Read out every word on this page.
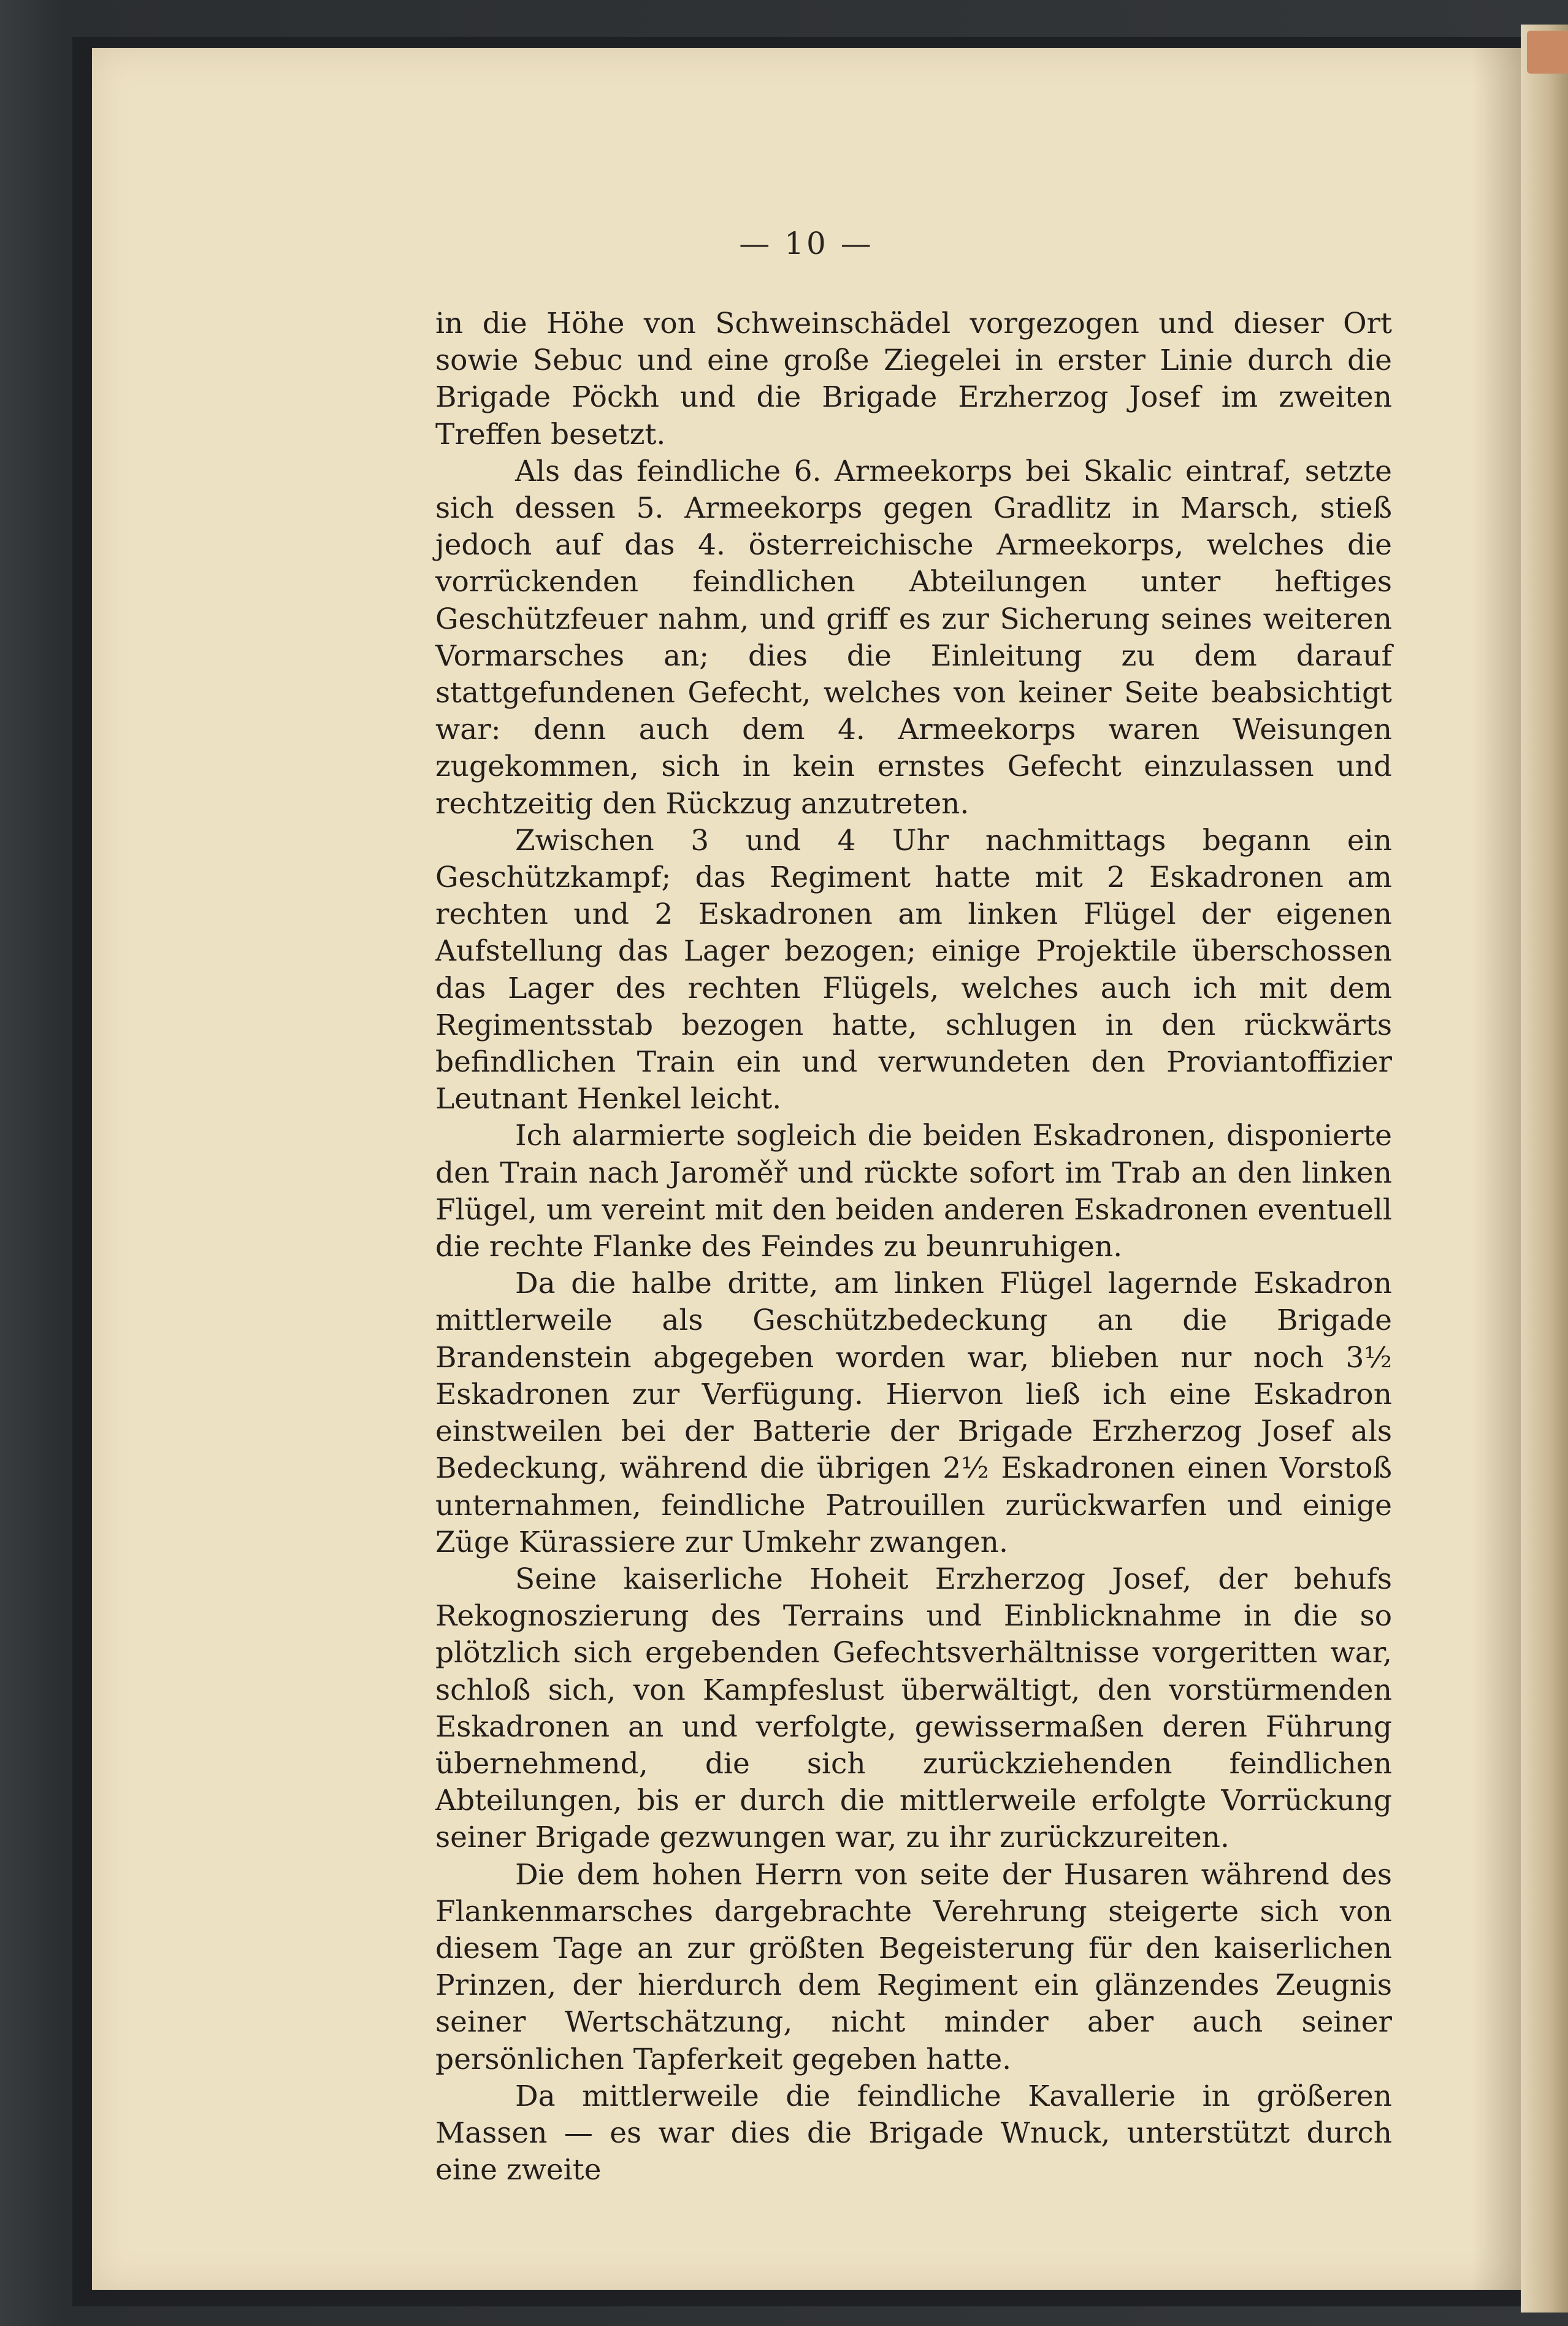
— 10 —

in die Höhe von Schweinschädel vorgezogen und dieser Ort sowie Sebuc und eine große Ziegelei in erster Linie durch die Brigade Pöckh und die Brigade Erzherzog Josef im zweiten Treffen besetzt.

Als das feindliche 6. Armeekorps bei Skalic eintraf, setzte sich dessen 5. Armeekorps gegen Gradlitz in Marsch, stieß jedoch auf das 4. österreichische Armeekorps, welches die vorrückenden feindlichen Abteilungen unter heftiges Geschützfeuer nahm, und griff es zur Sicherung seines weiteren Vormarsches an; dies die Einleitung zu dem darauf stattgefundenen Gefecht, welches von keiner Seite beabsichtigt war: denn auch dem 4. Armeekorps waren Weisungen zugekommen, sich in kein ernstes Gefecht einzulassen und rechtzeitig den Rückzug anzutreten.

Zwischen 3 und 4 Uhr nachmittags begann ein Geschützkampf; das Regiment hatte mit 2 Eskadronen am rechten und 2 Eskadronen am linken Flügel der eigenen Aufstellung das Lager bezogen; einige Projektile überschossen das Lager des rechten Flügels, welches auch ich mit dem Regimentsstab bezogen hatte, schlugen in den rückwärts befindlichen Train ein und verwundeten den Proviantoffizier Leutnant Henkel leicht.

Ich alarmierte sogleich die beiden Eskadronen, disponierte den Train nach Jaroměř und rückte sofort im Trab an den linken Flügel, um vereint mit den beiden anderen Eskadronen eventuell die rechte Flanke des Feindes zu beunruhigen.

Da die halbe dritte, am linken Flügel lagernde Eskadron mittlerweile als Geschützbedeckung an die Brigade Brandenstein abgegeben worden war, blieben nur noch 3½ Eskadronen zur Verfügung. Hiervon ließ ich eine Eskadron einstweilen bei der Batterie der Brigade Erzherzog Josef als Bedeckung, während die übrigen 2½ Eskadronen einen Vorstoß unternahmen, feindliche Patrouillen zurückwarfen und einige Züge Kürassiere zur Umkehr zwangen.

Seine kaiserliche Hoheit Erzherzog Josef, der behufs Rekognoszierung des Terrains und Einblicknahme in die so plötzlich sich ergebenden Gefechtsverhältnisse vorgeritten war, schloß sich, von Kampfeslust überwältigt, den vorstürmenden Eskadronen an und verfolgte, gewissermaßen deren Führung übernehmend, die sich zurückziehenden feindlichen Abteilungen, bis er durch die mittlerweile erfolgte Vorrückung seiner Brigade gezwungen war, zu ihr zurückzureiten.

Die dem hohen Herrn von seite der Husaren während des Flankenmarsches dargebrachte Verehrung steigerte sich von diesem Tage an zur größten Begeisterung für den kaiserlichen Prinzen, der hierdurch dem Regiment ein glänzendes Zeugnis seiner Wertschätzung, nicht minder aber auch seiner persönlichen Tapferkeit gegeben hatte.

Da mittlerweile die feindliche Kavallerie in größeren Massen — es war dies die Brigade Wnuck, unterstützt durch eine zweite
